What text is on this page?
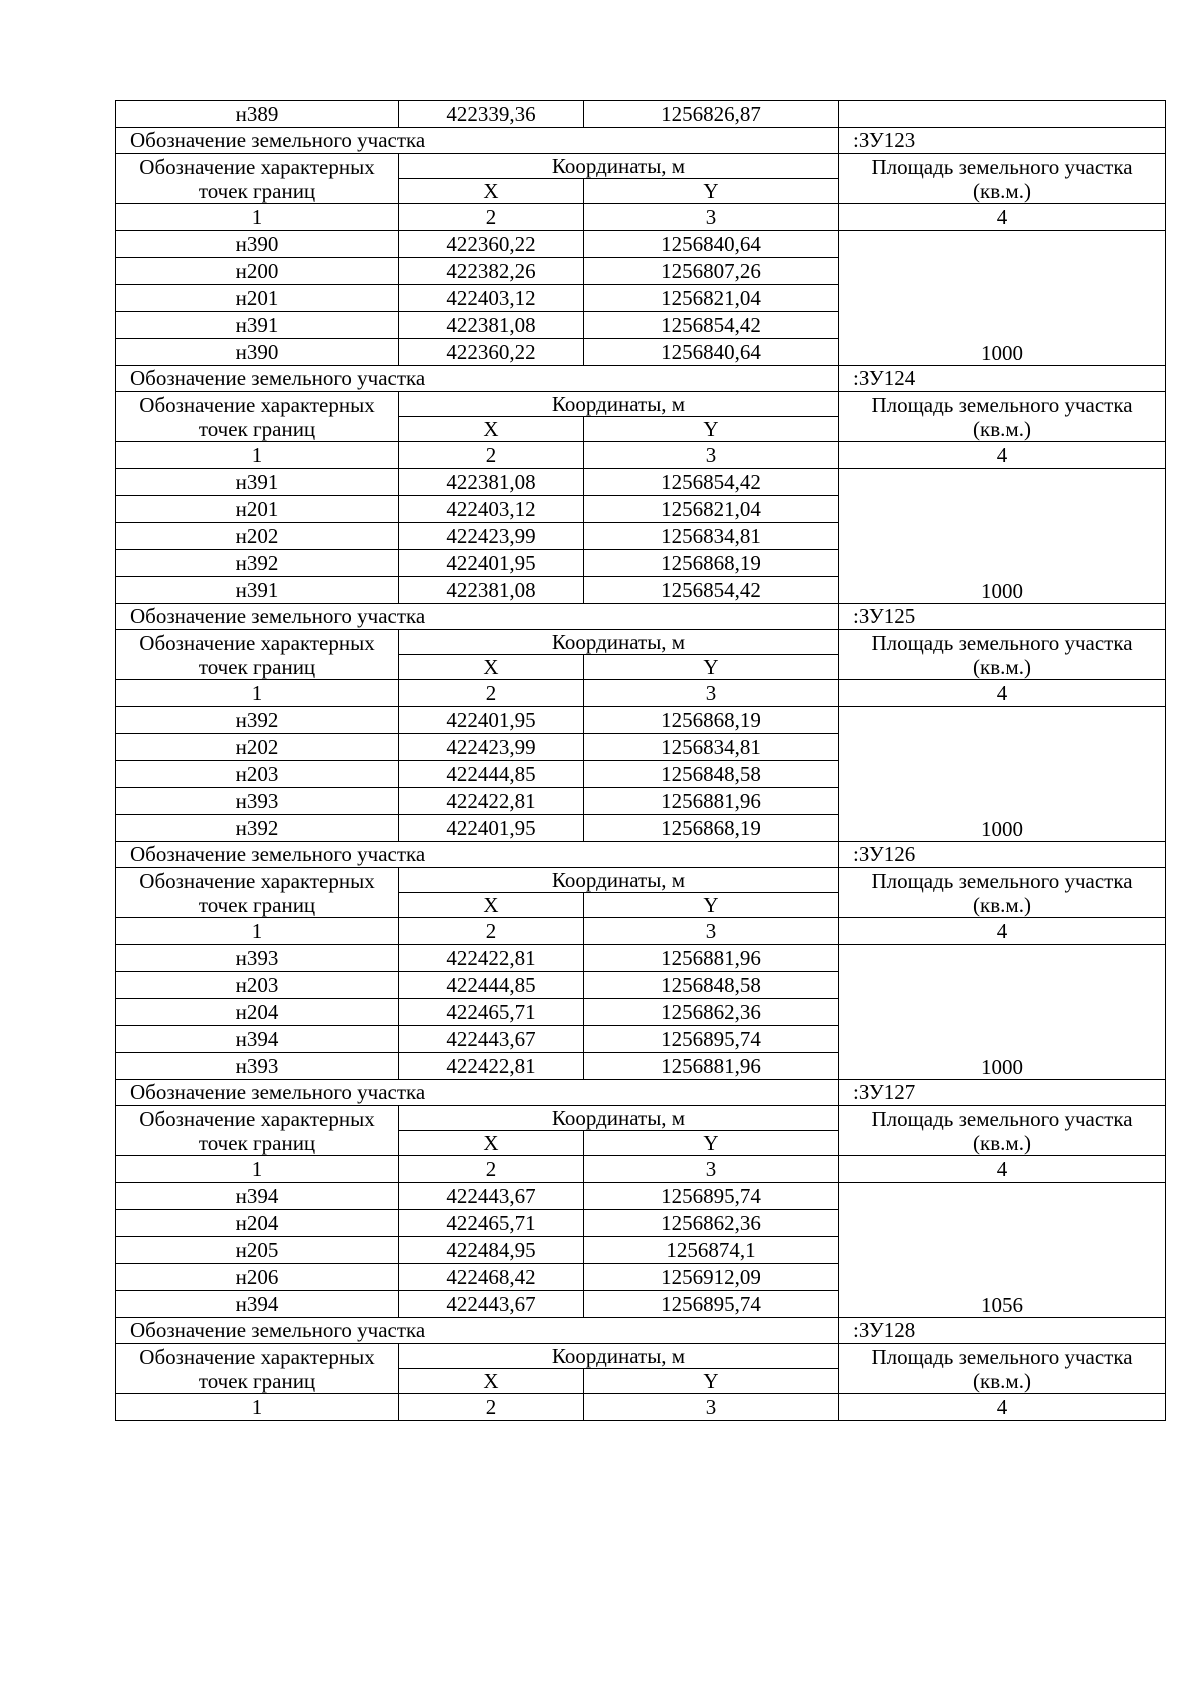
н389	422339,36	1256826,87	
Обозначение земельного участка			:ЗУ123
Обозначение характерных
точек границ	Координаты, м		Площадь земельного участка
(кв.м.)
	X	Y	
1	2	3	4
н390	422360,22	1256840,64	1000
н200	422382,26	1256807,26	
н201	422403,12	1256821,04	
н391	422381,08	1256854,42	
н390	422360,22	1256840,64	
Обозначение земельного участка			:ЗУ124
Обозначение характерных
точек границ	Координаты, м		Площадь земельного участка
(кв.м.)
	X	Y	
1	2	3	4
н391	422381,08	1256854,42	1000
н201	422403,12	1256821,04	
н202	422423,99	1256834,81	
н392	422401,95	1256868,19	
н391	422381,08	1256854,42	
Обозначение земельного участка			:ЗУ125
Обозначение характерных
точек границ	Координаты, м		Площадь земельного участка
(кв.м.)
	X	Y	
1	2	3	4
н392	422401,95	1256868,19	1000
н202	422423,99	1256834,81	
н203	422444,85	1256848,58	
н393	422422,81	1256881,96	
н392	422401,95	1256868,19	
Обозначение земельного участка			:ЗУ126
Обозначение характерных
точек границ	Координаты, м		Площадь земельного участка
(кв.м.)
	X	Y	
1	2	3	4
н393	422422,81	1256881,96	1000
н203	422444,85	1256848,58	
н204	422465,71	1256862,36	
н394	422443,67	1256895,74	
н393	422422,81	1256881,96	
Обозначение земельного участка			:ЗУ127
Обозначение характерных
точек границ	Координаты, м		Площадь земельного участка
(кв.м.)
	X	Y	
1	2	3	4
н394	422443,67	1256895,74	1056
н204	422465,71	1256862,36	
н205	422484,95	1256874,1	
н206	422468,42	1256912,09	
н394	422443,67	1256895,74	
Обозначение земельного участка			:ЗУ128
Обозначение характерных
точек границ	Координаты, м		Площадь земельного участка
(кв.м.)
	X	Y	
1	2	3	4
